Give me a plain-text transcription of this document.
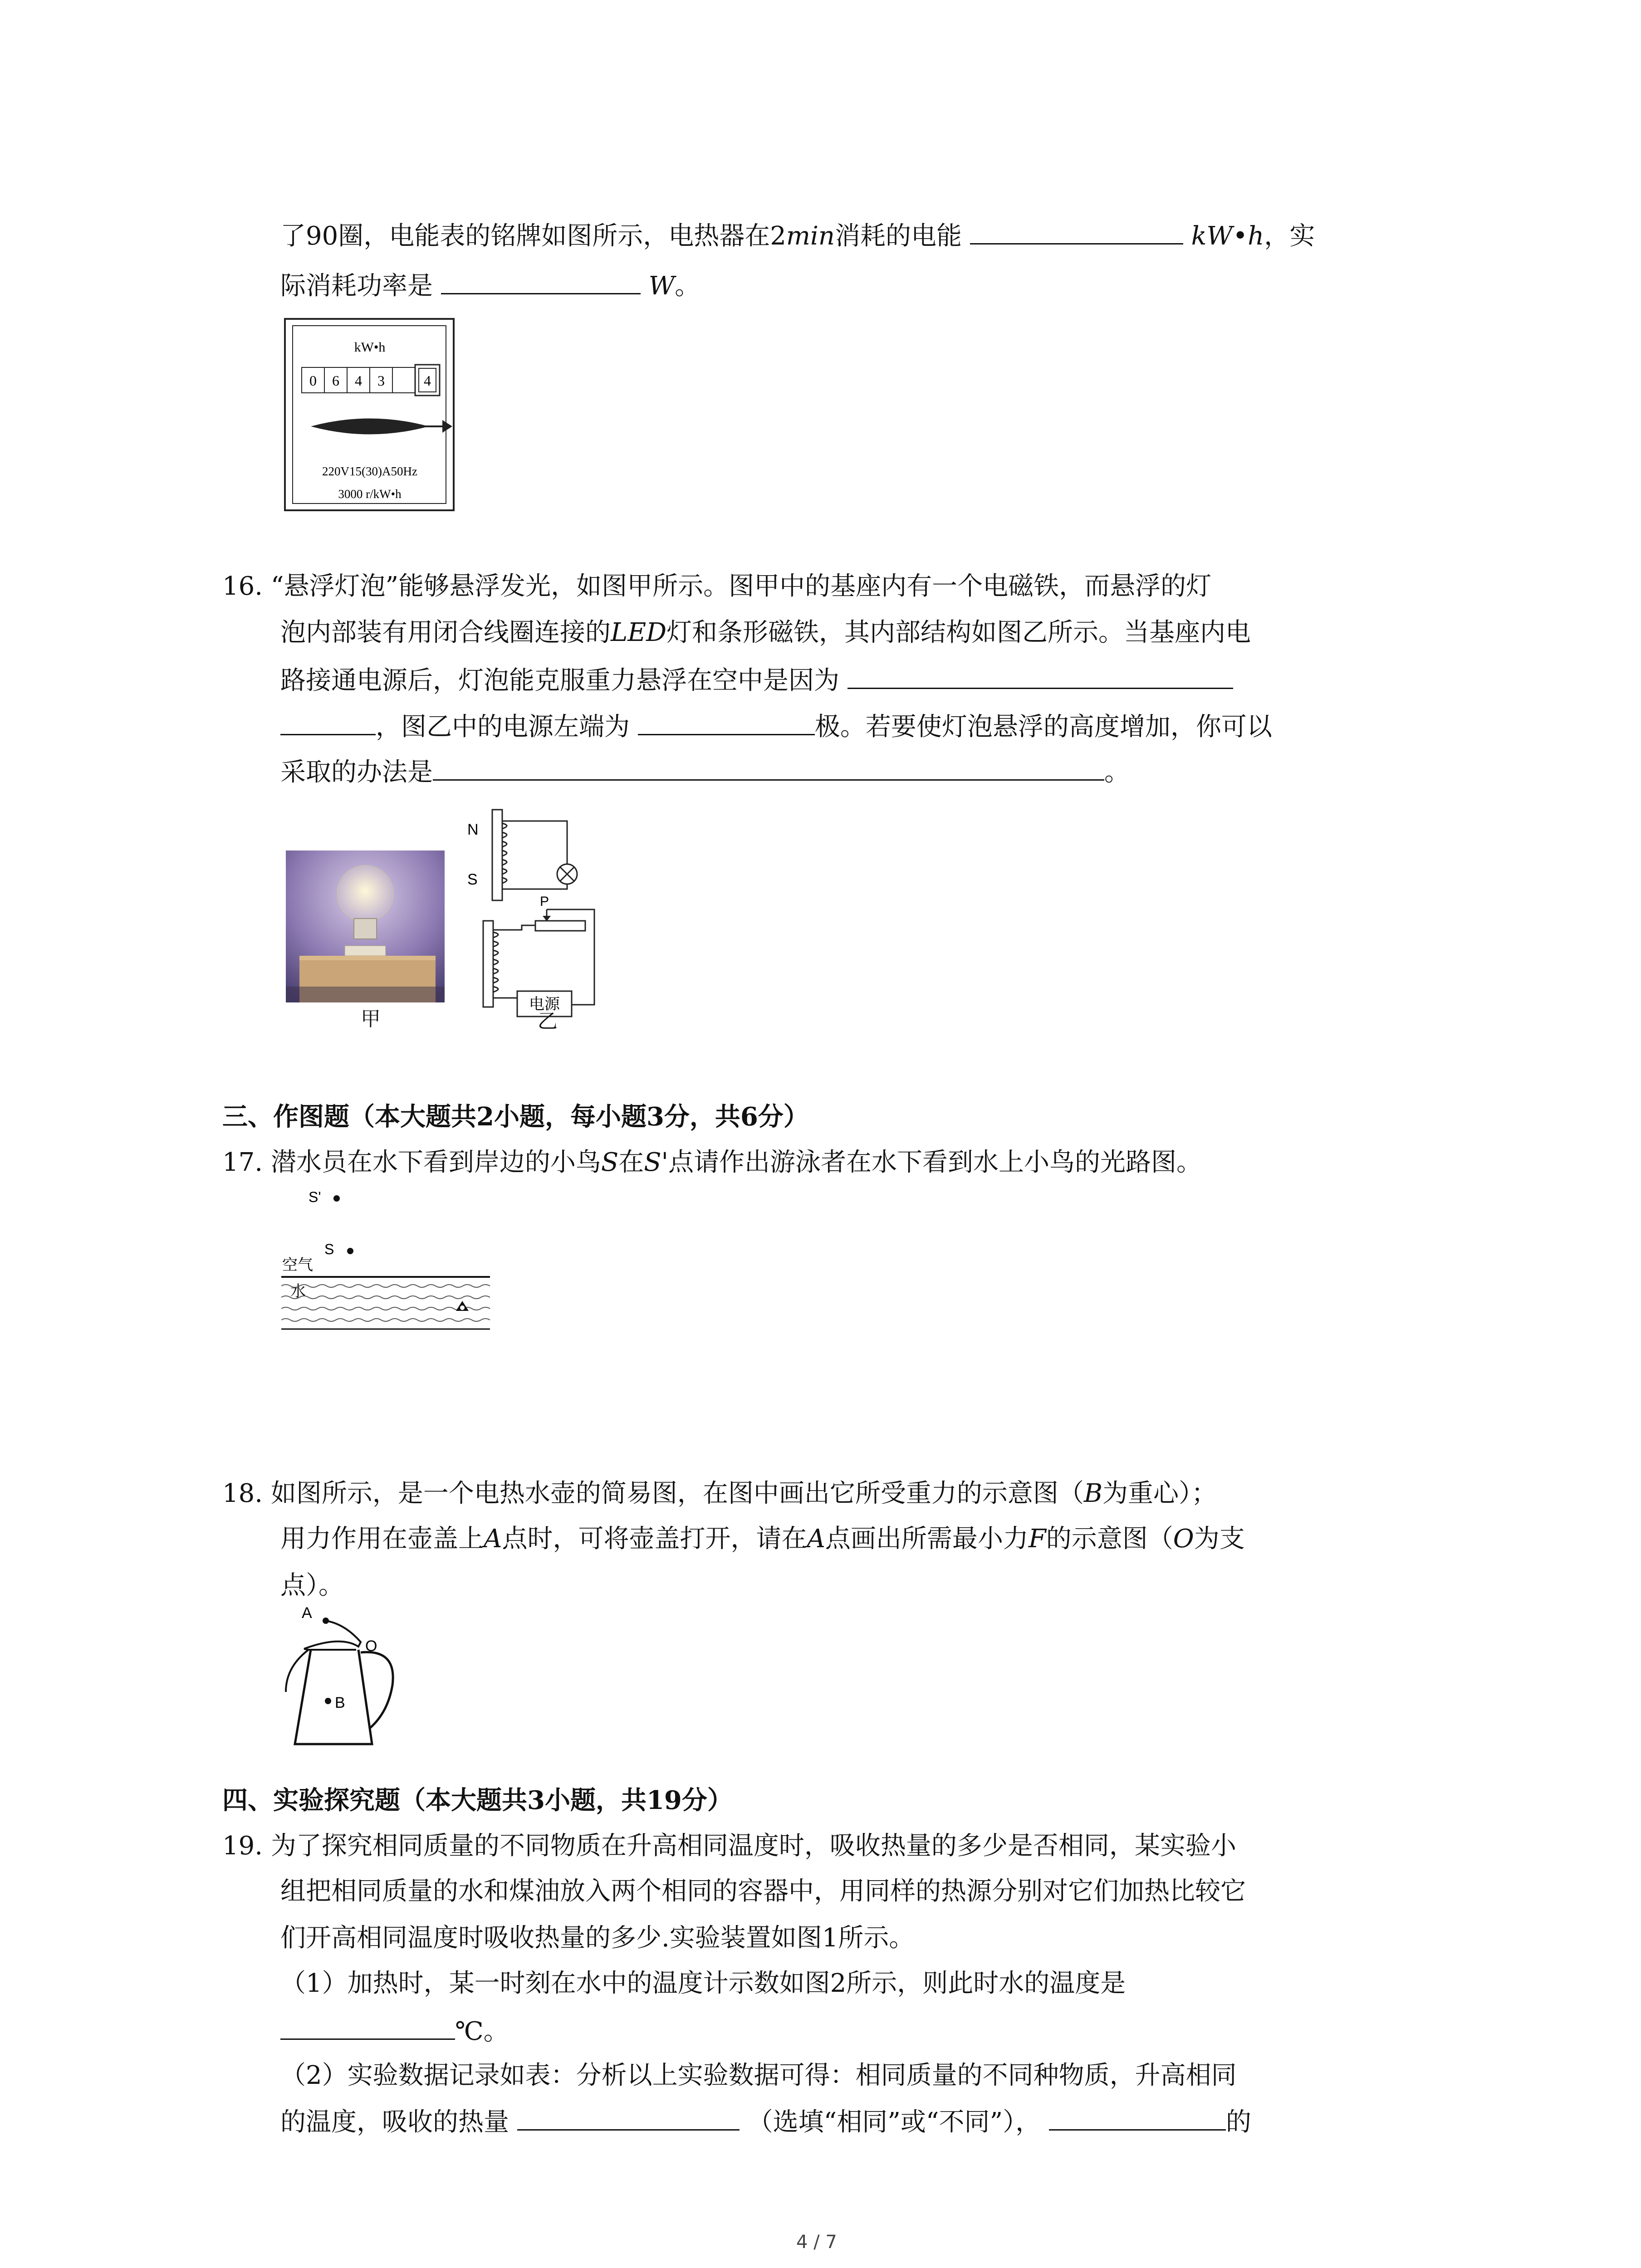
了90圈，电能表的铭牌如图所示，电热器在2min消耗的电能	kW•h，实
际消耗功率是	W。
kW•h
0 6 4 3	4
220V15(30)A50Hz
3000 r/kW•h
16. “悬浮灯泡”能够悬浮发光，如图甲所示。图甲中的基座内有一个电磁铁，而悬浮的灯
泡内部装有用闭合线圈连接的LED灯和条形磁铁，其内部结构如图乙所示。当基座内电
路接通电源后，灯泡能克服重力悬浮在空中是因为
，图乙中的电源左端为	极。若要使灯泡悬浮的高度增加，你可以
采取的办法是	。
甲
N
S
P
电源
乙
三、作图题（本大题共2小题，每小题3分，共6分）
17. 潜水员在水下看到岸边的小鸟S在S'点请作出游泳者在水下看到水上小鸟的光路图。
S'
S
空气
水
18. 如图所示，是一个电热水壶的简易图，在图中画出它所受重力的示意图（B为重心）；
用力作用在壶盖上A点时，可将壶盖打开，请在A点画出所需最小力F的示意图（O为支
点）。
A
O
B
四、实验探究题（本大题共3小题，共19分）
19. 为了探究相同质量的不同物质在升高相同温度时，吸收热量的多少是否相同，某实验小
组把相同质量的水和煤油放入两个相同的容器中，用同样的热源分别对它们加热比较它
们开高相同温度时吸收热量的多少.实验装置如图1所示。
（1）加热时，某一时刻在水中的温度计示数如图2所示，则此时水的温度是
℃。
（2）实验数据记录如表：分析以上实验数据可得：相同质量的不同种物质，升高相同
的温度，吸收的热量	（选填“相同”或“不同”），	的
4 / 7
